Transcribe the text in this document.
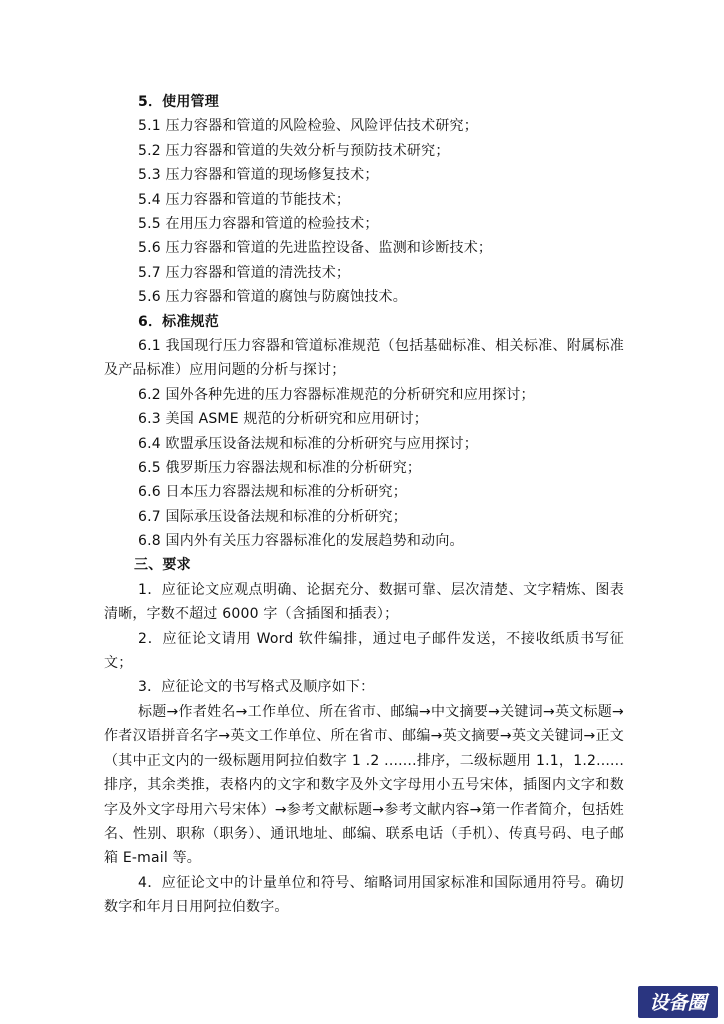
5．使用管理
5.1 压力容器和管道的风险检验、风险评估技术研究；
5.2 压力容器和管道的失效分析与预防技术研究；
5.3 压力容器和管道的现场修复技术；
5.4 压力容器和管道的节能技术；
5.5 在用压力容器和管道的检验技术；
5.6 压力容器和管道的先进监控设备、监测和诊断技术；
5.7 压力容器和管道的清洗技术；
5.6 压力容器和管道的腐蚀与防腐蚀技术。
6．标准规范
6.1 我国现行压力容器和管道标准规范（包括基础标准、相关标准、附属标准及产品标准）应用问题的分析与探讨；
6.2 国外各种先进的压力容器标准规范的分析研究和应用探讨；
6.3 美国 ASME 规范的分析研究和应用研讨；
6.4 欧盟承压设备法规和标准的分析研究与应用探讨；
6.5 俄罗斯压力容器法规和标准的分析研究；
6.6 日本压力容器法规和标准的分析研究；
6.7 国际承压设备法规和标准的分析研究；
6.8 国内外有关压力容器标准化的发展趋势和动向。
三、要求
1．应征论文应观点明确、论据充分、数据可靠、层次清楚、文字精炼、图表清晰，字数不超过 6000 字（含插图和插表）；
2．应征论文请用 Word 软件编排，通过电子邮件发送，不接收纸质书写征文；
3．应征论文的书写格式及顺序如下：
标题→作者姓名→工作单位、所在省市、邮编→中文摘要→关键词→英文标题→作者汉语拼音名字→英文工作单位、所在省市、邮编→英文摘要→英文关键词→正文（其中正文内的一级标题用阿拉伯数字 1 .2 .......排序，二级标题用 1.1，1.2......排序，其余类推，表格内的文字和数字及外文字母用小五号宋体，插图内文字和数字及外文字母用六号宋体）→参考文献标题→参考文献内容→第一作者简介，包括姓名、性别、职称（职务）、通讯地址、邮编、联系电话（手机）、传真号码、电子邮箱 E-mail 等。
4．应征论文中的计量单位和符号、缩略词用国家标准和国际通用符号。确切数字和年月日用阿拉伯数字。
设备圈
